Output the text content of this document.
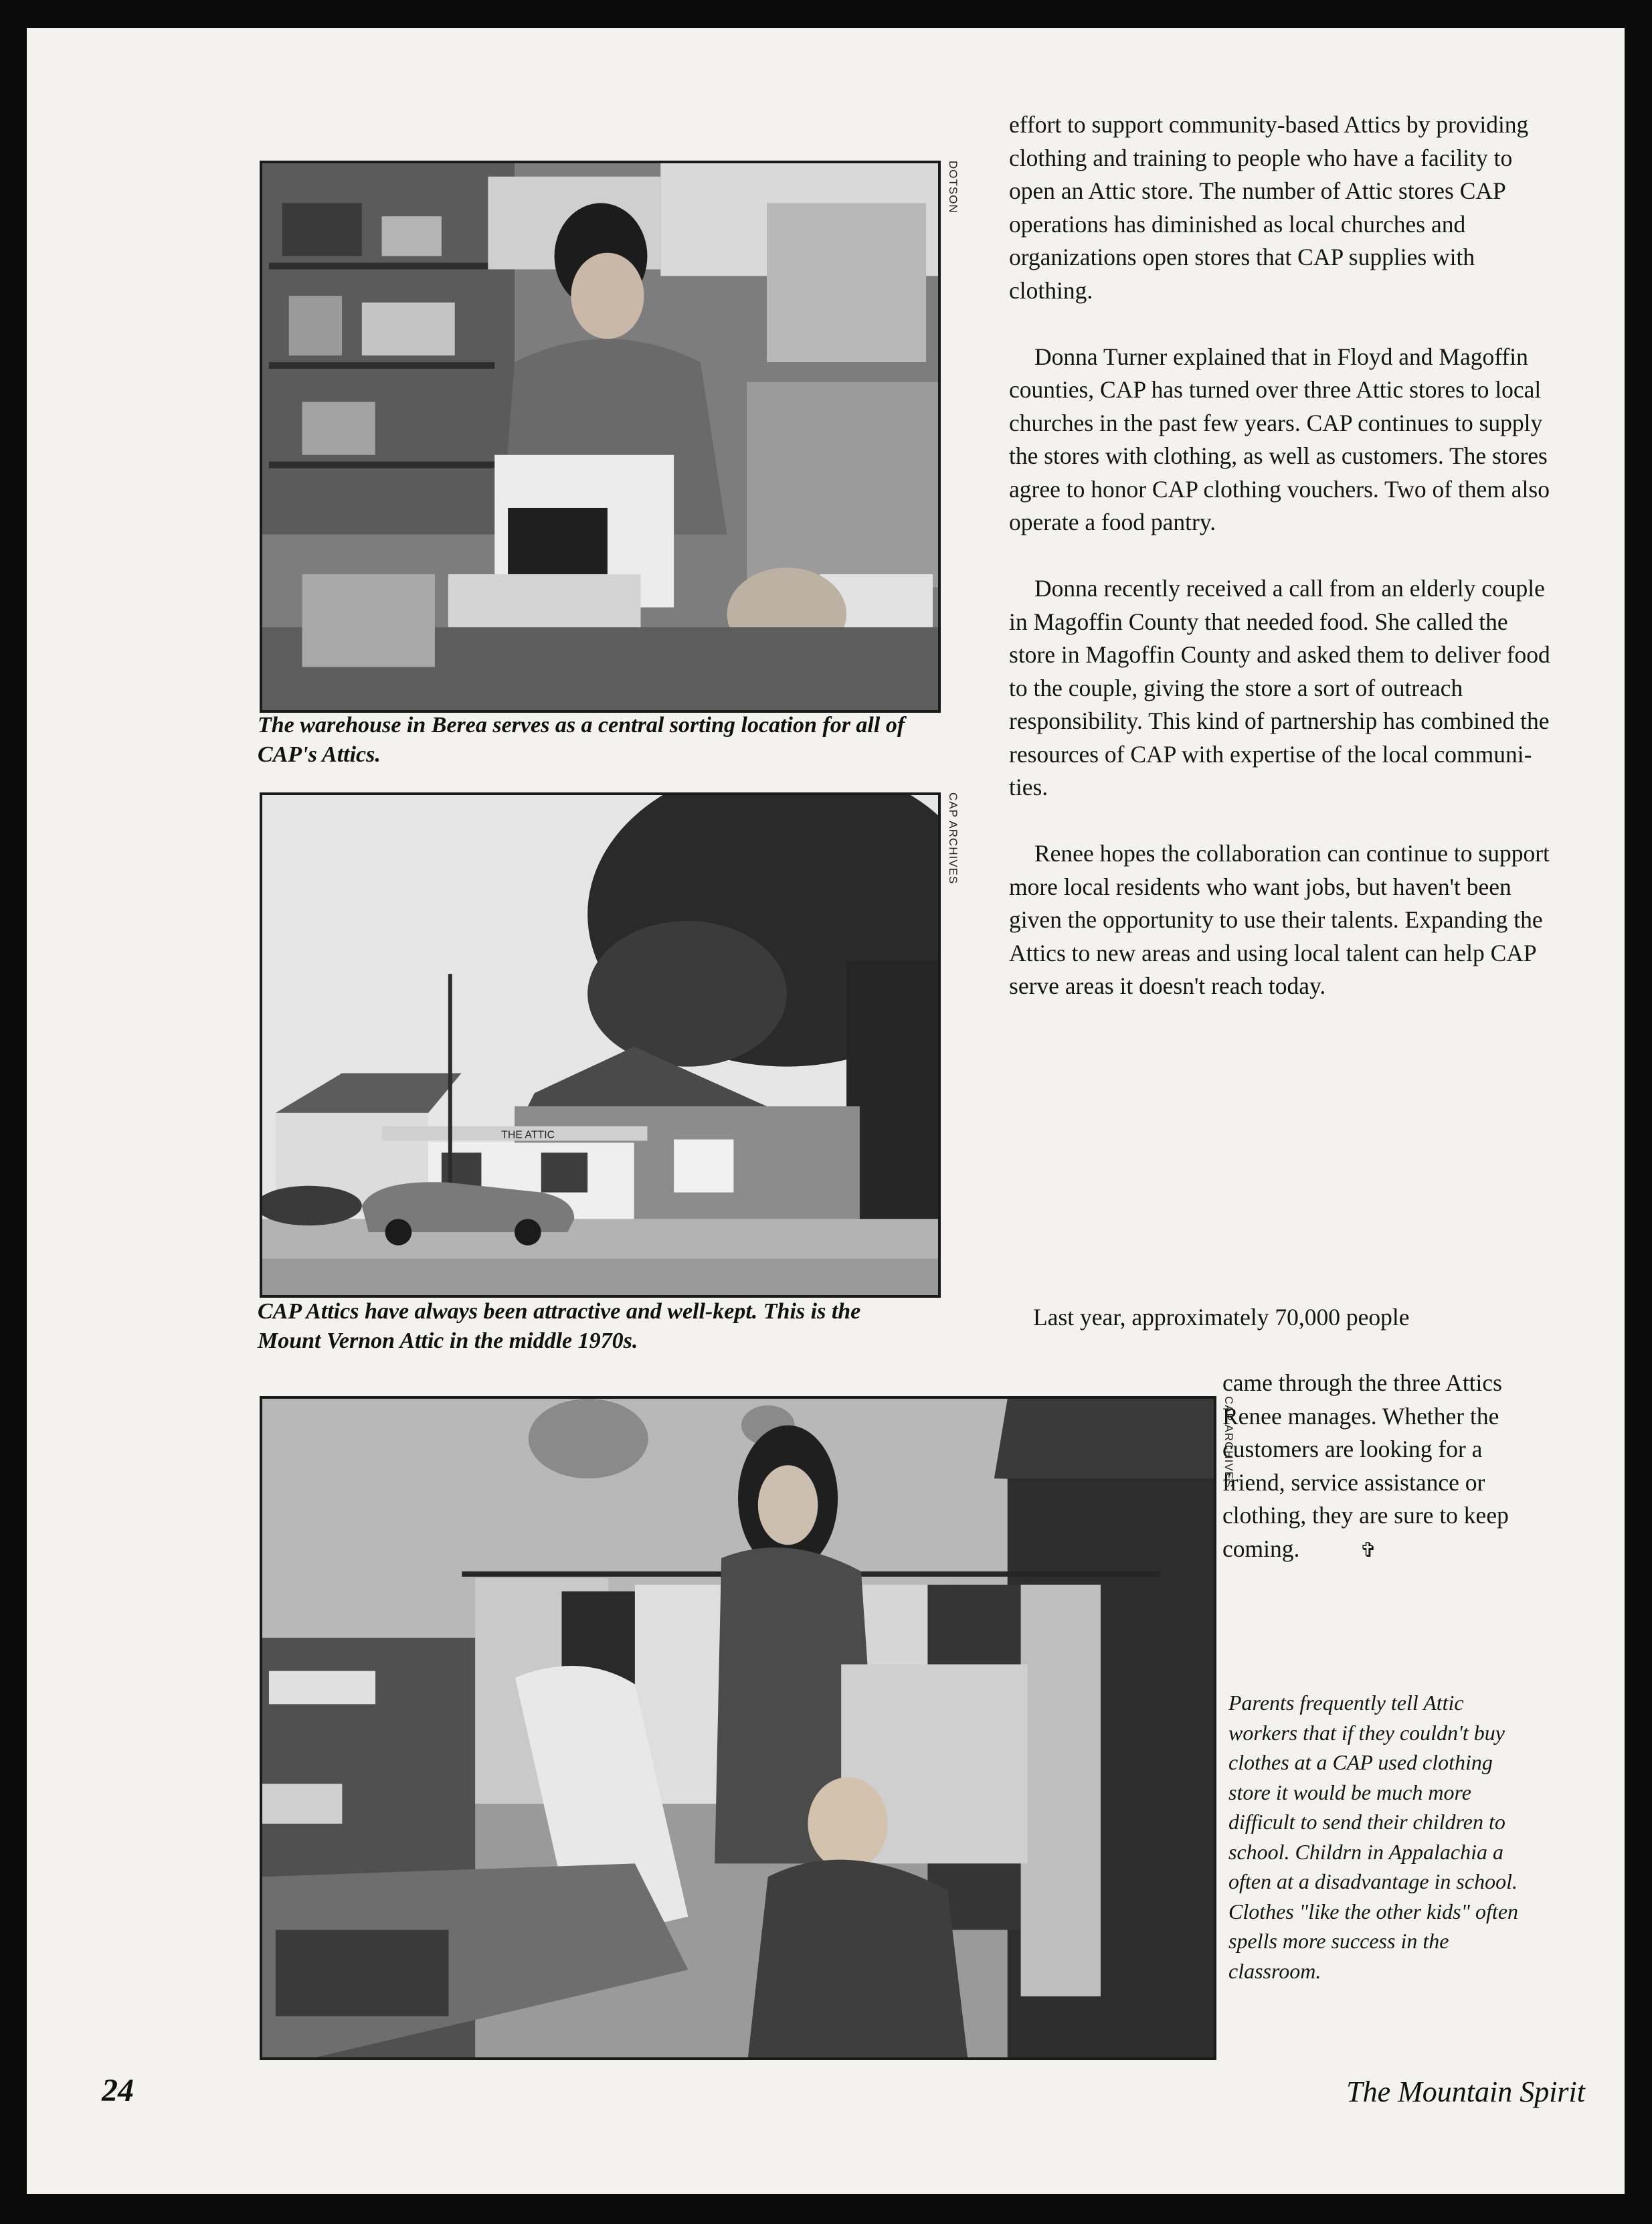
DOTSON
The warehouse in Berea serves as a central sorting location for all of CAP's Attics.
THE ATTIC
CAP ARCHIVES
CAP Attics have always been attractive and well-kept. This is the Mount Vernon Attic in the middle 1970s.
CAP ARCHIVES

effort to support community-based Attics by providing clothing and training to people who have a facility to open an Attic store. The number of Attic stores CAP operations has diminished as local churches and organizations open stores that CAP supplies with clothing.

Donna Turner explained that in Floyd and Magoffin counties, CAP has turned over three Attic stores to local churches in the past few years. CAP continues to supply the stores with clothing, as well as customers. The stores agree to honor CAP clothing vouchers. Two of them also operate a food pantry.

Donna recently received a call from an elderly couple in Magoffin County that needed food. She called the store in Magoffin County and asked them to deliver food to the couple, giving the store a sort of outreach responsibility. This kind of partnership has combined the resources of CAP with expertise of the local communi-ties.

Renee hopes the collaboration can continue to support more local residents who want jobs, but haven't been given the opportunity to use their talents. Expanding the Attics to new areas and using local talent can help CAP serve areas it doesn't reach today.

Last year, approximately 70,000 people
came through the three Attics Renee manages. Whether the customers are looking for a friend, service assistance or clothing, they are sure to keep coming.	✞
Parents frequently tell Attic workers that if they couldn't buy clothes at a CAP used clothing store it would be much more difficult to send their children to school. Childrn in Appalachia a often at a disadvantage in school. Clothes "like the other kids" often spells more success in the classroom.
24	The Mountain Spirit
